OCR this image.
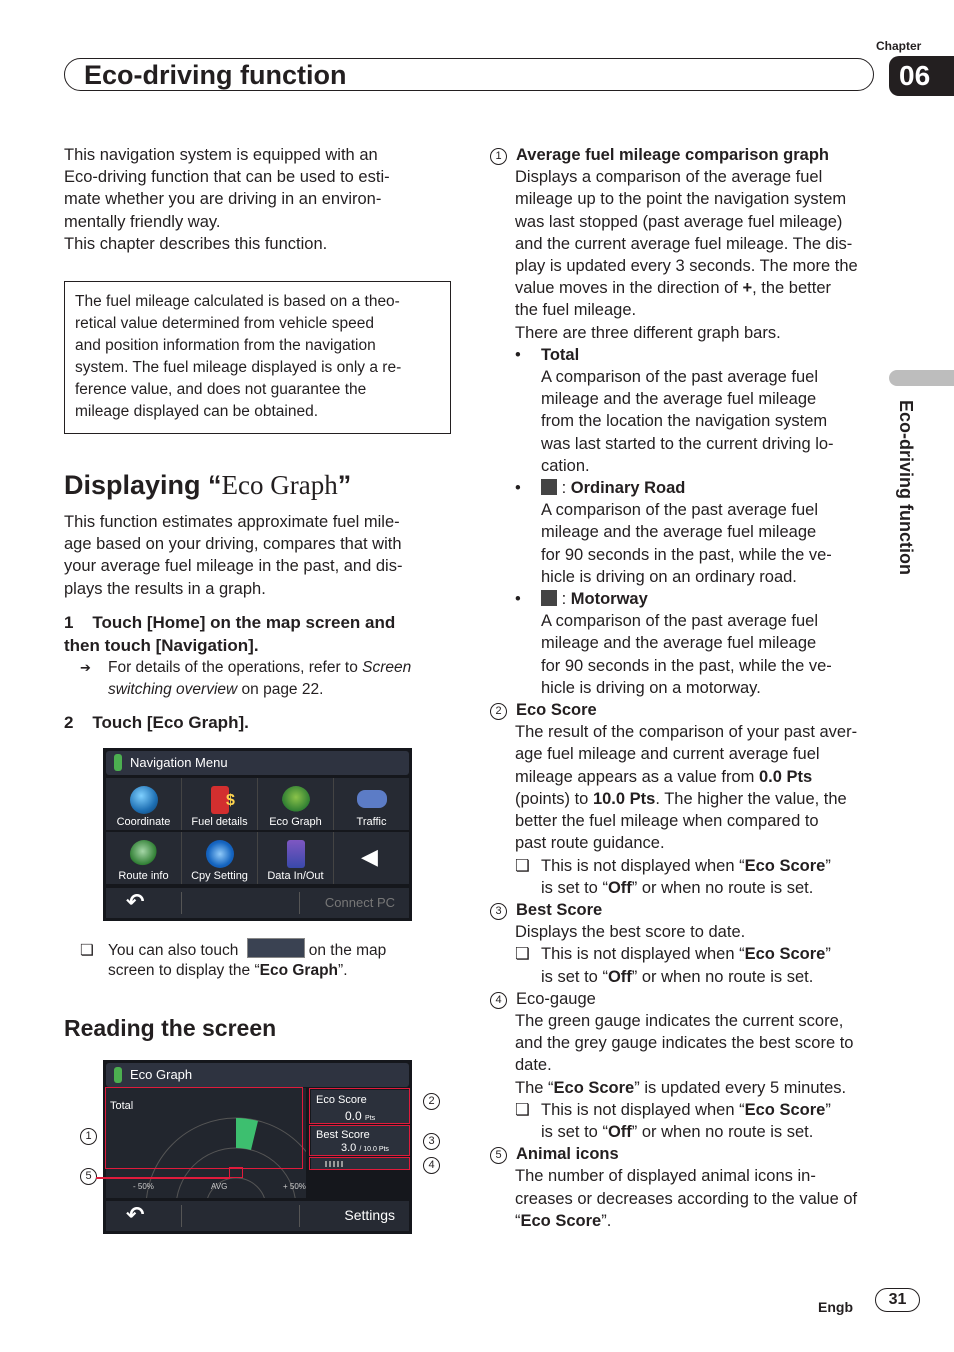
Eco-driving function
Chapter
06
Eco-driving function
This navigation system is equipped with an
Eco-driving function that can be used to esti-
mate whether you are driving in an environ-
mentally friendly way.
This chapter describes this function.
The fuel mileage calculated is based on a theo-
retical value determined from vehicle speed
and position information from the navigation
system. The fuel mileage displayed is only a re-
ference value, and does not guarantee the
mileage displayed can be obtained.
Displaying “Eco Graph”
This function estimates approximate fuel mile-
age based on your driving, compares that with
your average fuel mileage in the past, and dis-
plays the results in a graph.
1 Touch [Home] on the map screen and
then touch [Navigation].
➔ For details of the operations, refer to Screen
switching overview on page 22.
2 Touch [Eco Graph].
Navigation Menu
Coordinate
$
Fuel details	Eco Graph	Traffic
Route info	Cpy Setting	Data In/Out
◀
↶	Connect PC
❏ You can also touch	on the map
screen to display the “Eco Graph”.
Reading the screen
Eco Graph
Total	Eco Score
0.0 Pts
Best Score
3.0 / 10.0 Pts
- 50%	AVG	+ 50%
↶	Settings
1
2
3
4
5
1 Average fuel mileage comparison graph
Displays a comparison of the average fuel
mileage up to the point the navigation system
was last stopped (past average fuel mileage)
and the current average fuel mileage. The dis-
play is updated every 3 seconds. The more the
value moves in the direction of +, the better
the fuel mileage.
There are three different graph bars.
• Total
A comparison of the past average fuel
mileage and the average fuel mileage
from the location the navigation system
was last started to the current driving lo-
cation.
• : Ordinary Road
A comparison of the past average fuel
mileage and the average fuel mileage
for 90 seconds in the past, while the ve-
hicle is driving on an ordinary road.
• : Motorway
A comparison of the past average fuel
mileage and the average fuel mileage
for 90 seconds in the past, while the ve-
hicle is driving on a motorway.
2 Eco Score
The result of the comparison of your past aver-
age fuel mileage and current average fuel
mileage appears as a value from 0.0 Pts
(points) to 10.0 Pts. The higher the value, the
better the fuel mileage when compared to
past route guidance.
❏ This is not displayed when “Eco Score”
is set to “Off” or when no route is set.
3 Best Score
Displays the best score to date.
❏ This is not displayed when “Eco Score”
is set to “Off” or when no route is set.
4 Eco-gauge
The green gauge indicates the current score,
and the grey gauge indicates the best score to
date.
The “Eco Score” is updated every 5 minutes.
❏ This is not displayed when “Eco Score”
is set to “Off” or when no route is set.
5 Animal icons
The number of displayed animal icons in-
creases or decreases according to the value of
“Eco Score”.
Engb	31
